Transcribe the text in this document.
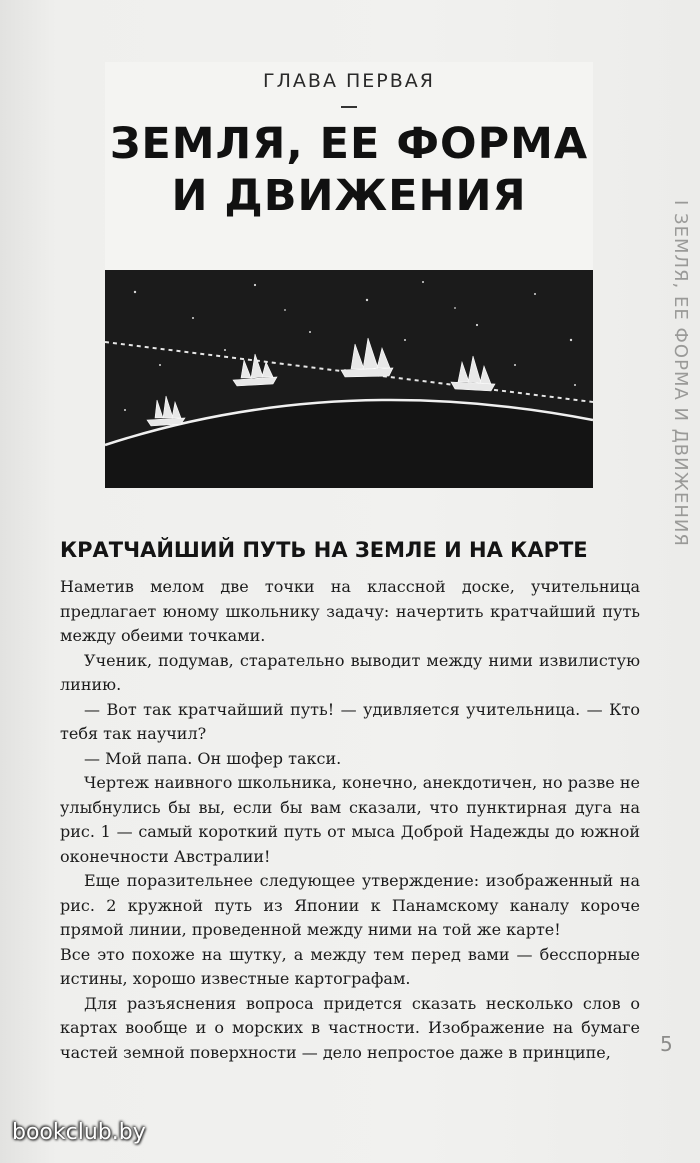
ГЛАВА ПЕРВАЯ
ЗЕМЛЯ, ЕЕ ФОРМА
И ДВИЖЕНИЯ
I ЗЕМЛЯ, ЕЕ ФОРМА И ДВИЖЕНИЯ
КРАТЧАЙШИЙ ПУТЬ НА ЗЕМЛЕ И НА КАРТЕ

Наметив мелом две точки на классной доске, учительница предлагает юному школьнику задачу: начертить кратчайший путь между обеими точками.

Ученик, подумав, старательно выводит между ними извилистую линию.

— Вот так кратчайший путь! — удивляется учительница. — Кто тебя так научил?

— Мой папа. Он шофер такси.

Чертеж наивного школьника, конечно, анекдотичен, но разве не улыбнулись бы вы, если бы вам сказали, что пунктирная дуга на рис. 1 — самый короткий путь от мыса Доброй Надежды до южной оконечности Австралии!

Еще поразительнее следующее утверждение: изображенный на рис. 2 кружной путь из Японии к Панамскому каналу короче прямой линии, проведенной между ними на той же карте!

Все это похоже на шутку, а между тем перед вами — бесспорные истины, хорошо известные картографам.

Для разъяснения вопроса придется сказать несколько слов о картах вообще и о морских в частности. Изображение на бумаге частей земной поверхности — дело непростое даже в принципе,	5
bookclub.by
